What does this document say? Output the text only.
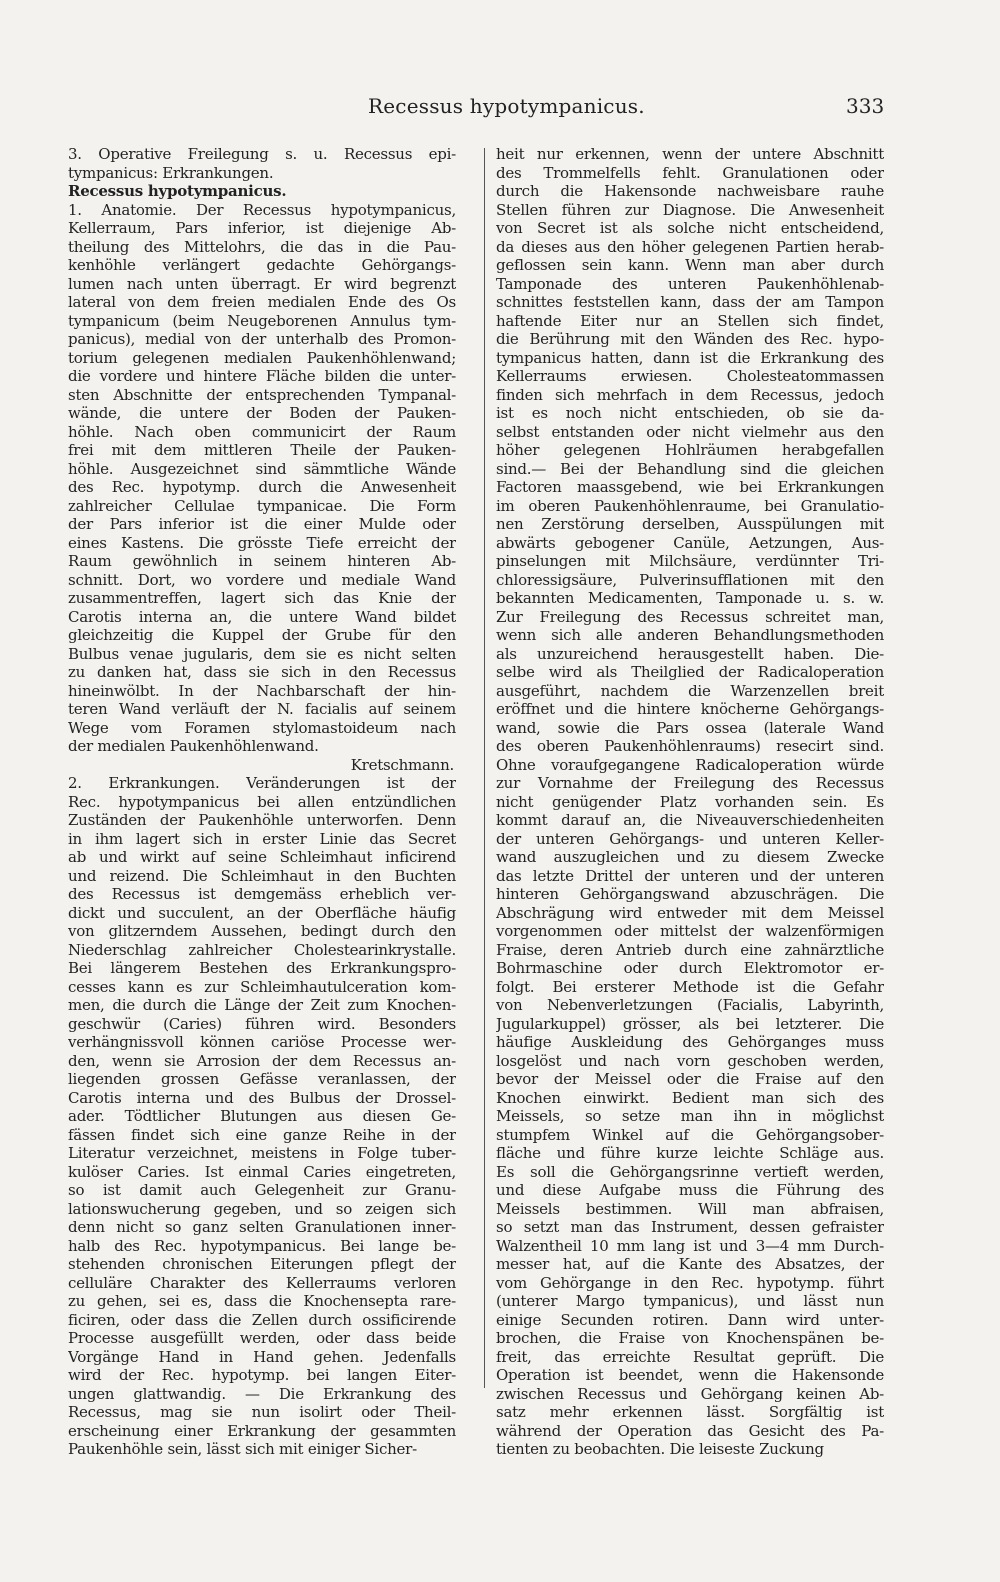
Recessus hypotympanicus.	333
3. Operative Freilegung s. u. Recessus epi-
tympanicus: Erkrankungen.
Recessus hypotympanicus.
1. Anatomie. Der Recessus hypotympanicus,
Kellerraum, Pars inferior, ist diejenige Ab-
theilung des Mittelohrs, die das in die Pau-
kenhöhle verlängert gedachte Gehörgangs-
lumen nach unten überragt. Er wird begrenzt
lateral von dem freien medialen Ende des Os
tympanicum (beim Neugeborenen Annulus tym-
panicus), medial von der unterhalb des Promon-
torium gelegenen medialen Paukenhöhlenwand;
die vordere und hintere Fläche bilden die unter-
sten Abschnitte der entsprechenden Tympanal-
wände, die untere der Boden der Pauken-
höhle. Nach oben communicirt der Raum
frei mit dem mittleren Theile der Pauken-
höhle. Ausgezeichnet sind sämmtliche Wände
des Rec. hypotymp. durch die Anwesenheit
zahlreicher Cellulae tympanicae. Die Form
der Pars inferior ist die einer Mulde oder
eines Kastens. Die grösste Tiefe erreicht der
Raum gewöhnlich in seinem hinteren Ab-
schnitt. Dort, wo vordere und mediale Wand
zusammentreffen, lagert sich das Knie der
Carotis interna an, die untere Wand bildet
gleichzeitig die Kuppel der Grube für den
Bulbus venae jugularis, dem sie es nicht selten
zu danken hat, dass sie sich in den Recessus
hineinwölbt. In der Nachbarschaft der hin-
teren Wand verläuft der N. facialis auf seinem
Wege vom Foramen stylomastoideum nach
der medialen Paukenhöhlenwand.
Kretschmann.
2. Erkrankungen. Veränderungen ist der
Rec. hypotympanicus bei allen entzündlichen
Zuständen der Paukenhöhle unterworfen. Denn
in ihm lagert sich in erster Linie das Secret
ab und wirkt auf seine Schleimhaut inficirend
und reizend. Die Schleimhaut in den Buchten
des Recessus ist demgemäss erheblich ver-
dickt und succulent, an der Oberfläche häufig
von glitzerndem Aussehen, bedingt durch den
Niederschlag zahlreicher Cholestearinkrystalle.
Bei längerem Bestehen des Erkrankungspro-
cesses kann es zur Schleimhautulceration kom-
men, die durch die Länge der Zeit zum Knochen-
geschwür (Caries) führen wird. Besonders
verhängnissvoll können cariöse Processe wer-
den, wenn sie Arrosion der dem Recessus an-
liegenden grossen Gefässe veranlassen, der
Carotis interna und des Bulbus der Drossel-
ader. Tödtlicher Blutungen aus diesen Ge-
fässen findet sich eine ganze Reihe in der
Literatur verzeichnet, meistens in Folge tuber-
kulöser Caries. Ist einmal Caries eingetreten,
so ist damit auch Gelegenheit zur Granu-
lationswucherung gegeben, und so zeigen sich
denn nicht so ganz selten Granulationen inner-
halb des Rec. hypotympanicus. Bei lange be-
stehenden chronischen Eiterungen pflegt der
celluläre Charakter des Kellerraums verloren
zu gehen, sei es, dass die Knochensepta rare-
ficiren, oder dass die Zellen durch ossificirende
Processe ausgefüllt werden, oder dass beide
Vorgänge Hand in Hand gehen. Jedenfalls
wird der Rec. hypotymp. bei langen Eiter-
ungen glattwandig. — Die Erkrankung des
Recessus, mag sie nun isolirt oder Theil-
erscheinung einer Erkrankung der gesammten
Paukenhöhle sein, lässt sich mit einiger Sicher-
heit nur erkennen, wenn der untere Abschnitt
des Trommelfells fehlt. Granulationen oder
durch die Hakensonde nachweisbare rauhe
Stellen führen zur Diagnose. Die Anwesenheit
von Secret ist als solche nicht entscheidend,
da dieses aus den höher gelegenen Partien herab-
geflossen sein kann. Wenn man aber durch
Tamponade des unteren Paukenhöhlenab-
schnittes feststellen kann, dass der am Tampon
haftende Eiter nur an Stellen sich findet,
die Berührung mit den Wänden des Rec. hypo-
tympanicus hatten, dann ist die Erkrankung des
Kellerraums erwiesen. Cholesteatommassen
finden sich mehrfach in dem Recessus, jedoch
ist es noch nicht entschieden, ob sie da-
selbst entstanden oder nicht vielmehr aus den
höher gelegenen Hohlräumen herabgefallen
sind.— Bei der Behandlung sind die gleichen
Factoren maassgebend, wie bei Erkrankungen
im oberen Paukenhöhlenraume, bei Granulatio-
nen Zerstörung derselben, Ausspülungen mit
abwärts gebogener Canüle, Aetzungen, Aus-
pinselungen mit Milchsäure, verdünnter Tri-
chloressigsäure, Pulverinsufflationen mit den
bekannten Medicamenten, Tamponade u. s. w.
Zur Freilegung des Recessus schreitet man,
wenn sich alle anderen Behandlungsmethoden
als unzureichend herausgestellt haben. Die-
selbe wird als Theilglied der Radicaloperation
ausgeführt, nachdem die Warzenzellen breit
eröffnet und die hintere knöcherne Gehörgangs-
wand, sowie die Pars ossea (laterale Wand
des oberen Paukenhöhlenraums) resecirt sind.
Ohne voraufgegangene Radicaloperation würde
zur Vornahme der Freilegung des Recessus
nicht genügender Platz vorhanden sein. Es
kommt darauf an, die Niveauverschiedenheiten
der unteren Gehörgangs- und unteren Keller-
wand auszugleichen und zu diesem Zwecke
das letzte Drittel der unteren und der unteren
hinteren Gehörgangswand abzuschrägen. Die
Abschrägung wird entweder mit dem Meissel
vorgenommen oder mittelst der walzenförmigen
Fraise, deren Antrieb durch eine zahnärztliche
Bohrmaschine oder durch Elektromotor er-
folgt. Bei ersterer Methode ist die Gefahr
von Nebenverletzungen (Facialis, Labyrinth,
Jugularkuppel) grösser, als bei letzterer. Die
häufige Auskleidung des Gehörganges muss
losgelöst und nach vorn geschoben werden,
bevor der Meissel oder die Fraise auf den
Knochen einwirkt. Bedient man sich des
Meissels, so setze man ihn in möglichst
stumpfem Winkel auf die Gehörgangsober-
fläche und führe kurze leichte Schläge aus.
Es soll die Gehörgangsrinne vertieft werden,
und diese Aufgabe muss die Führung des
Meissels bestimmen. Will man abfraisen,
so setzt man das Instrument, dessen gefraister
Walzentheil 10 mm lang ist und 3—4 mm Durch-
messer hat, auf die Kante des Absatzes, der
vom Gehörgange in den Rec. hypotymp. führt
(unterer Margo tympanicus), und lässt nun
einige Secunden rotiren. Dann wird unter-
brochen, die Fraise von Knochenspänen be-
freit, das erreichte Resultat geprüft. Die
Operation ist beendet, wenn die Hakensonde
zwischen Recessus und Gehörgang keinen Ab-
satz mehr erkennen lässt. Sorgfältig ist
während der Operation das Gesicht des Pa-
tienten zu beobachten. Die leiseste Zuckung
